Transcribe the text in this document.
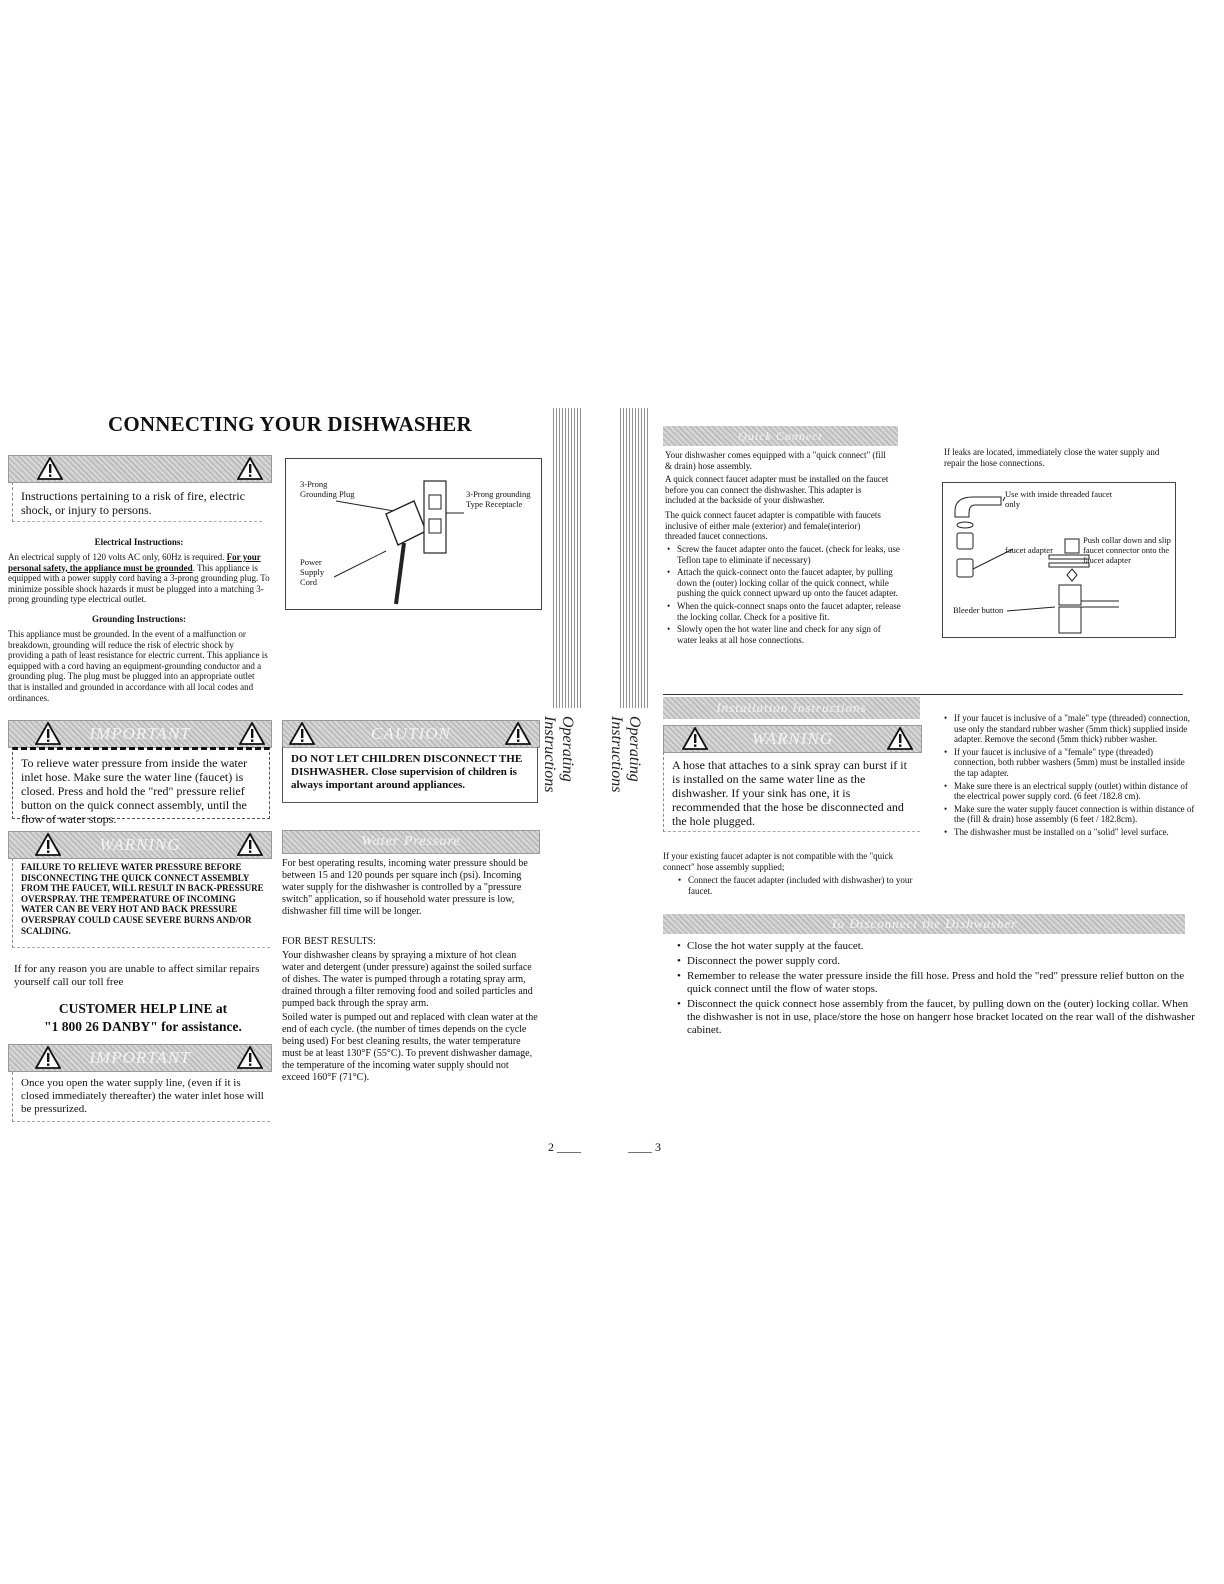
CONNECTING YOUR DISHWASHER
Instructions pertaining to a risk of fire, electric shock, or injury to persons.
Electrical Instructions:
An electrical supply of 120 volts AC only, 60Hz is required. For your personal safety, the appliance must be grounded. This appliance is equipped with a power supply cord having a 3-prong grounding plug. To minimize possible shock hazards it must be plugged into a matching 3-prong grounding type electrical outlet.
Grounding Instructions:
This appliance must be grounded. In the event of a malfunction or breakdown, grounding will reduce the risk of electric shock by providing a path of least resistance for electric current. This appliance is equipped with a cord having an equipment-grounding conductor and a grounding plug. The plug must be plugged into an appropriate outlet that is installed and grounded in accordance with all local codes and ordinances.
3-Prong Grounding Plug	3-Prong grounding Type Receptacle
Power Supply Cord
IMPORTANT
To relieve water pressure from inside the water inlet hose. Make sure the water line (faucet) is closed. Press and hold the "red" pressure relief button on the quick connect assembly, until the flow of water stops.
CAUTION
DO NOT LET CHILDREN DISCONNECT THE DISHWASHER. Close supervision of children is always important around appliances.
WARNING
FAILURE TO RELIEVE WATER PRESSURE BEFORE DISCONNECTING THE QUICK CONNECT ASSEMBLY FROM THE FAUCET, WILL RESULT IN BACK-PRESSURE OVERSPRAY. THE TEMPERATURE OF INCOMING WATER CAN BE VERY HOT AND BACK PRESSURE OVERSPRAY COULD CAUSE SEVERE BURNS AND/OR SCALDING.
If for any reason you are unable to affect similar repairs yourself call our toll free
CUSTOMER HELP LINE at
"1 800 26 DANBY" for assistance.
IMPORTANT
Once you open the water supply line, (even if it is closed immediately thereafter) the water inlet hose will be pressurized.
Water Pressure
For best operating results, incoming water pressure should be between 15 and 120 pounds per square inch (psi). Incoming water supply for the dishwasher is controlled by a "pressure switch" application, so if household water pressure is low, dishwasher fill time will be longer.
FOR BEST RESULTS:
Your dishwasher cleans by spraying a mixture of hot clean water and detergent (under pressure) against the soiled surface of dishes. The water is pumped through a rotating spray arm, drained through a filter removing food and soiled particles and pumped back through the spray arm.
Soiled water is pumped out and replaced with clean water at the end of each cycle. (the number of times depends on the cycle being used) For best cleaning results, the water temperature must be at least 130°F (55°C). To prevent dishwasher damage, the temperature of the incoming water supply should not exceed 160°F (71°C).
Operating Instructions
2 ____
Operating Instructions
Quick Connect
Your dishwasher comes equipped with a "quick connect" (fill & drain) hose assembly.
A quick connect faucet adapter must be installed on the faucet before you can connect the dishwasher. This adapter is included at the backside of your dishwasher.
The quick connect faucet adapter is compatible with faucets inclusive of either male (exterior) and female(interior) threaded faucet connections.
• Screw the faucet adapter onto the faucet. (check for leaks, use Teflon tape to eliminate if necessary)
• Attach the quick-connect onto the faucet adapter, by pulling down the (outer) locking collar of the quick connect, while pushing the quick connect upward up onto the faucet adapter.
• When the quick-connect snaps onto the faucet adapter, release the locking collar. Check for a positive fit.
• Slowly open the hot water line and check for any sign of water leaks at all hose connections.
If leaks are located, immediately close the water supply and repair the hose connections.
Use with inside threaded faucet only
faucet adapter
Push collar down and slip faucet connector onto the faucet adapter
Bleeder button
Installation Instructions
WARNING
A hose that attaches to a sink spray can burst if it is installed on the same water line as the dishwasher. If your sink has one, it is recommended that the hose be disconnected and the hole plugged.
• If your faucet is inclusive of a "male" type (threaded) connection, use only the standard rubber washer (5mm thick) supplied inside adapter. Remove the second (5mm thick) rubber washer.
• If your faucet is inclusive of a "female" type (threaded) connection, both rubber washers (5mm) must be installed inside the tap adapter.
• Make sure there is an electrical supply (outlet) within distance of the electrical power supply cord. (6 feet /182.8 cm).
• Make sure the water supply faucet connection is within distance of the (fill & drain) hose assembly (6 feet / 182.8cm).
• The dishwasher must be installed on a "solid" level surface.
If your existing faucet adapter is not compatible with the "quick connect" hose assembly supplied;
• Connect the faucet adapter (included with dishwasher) to your faucet.
To Disconnect the Dishwasher
• Close the hot water supply at the faucet.
• Disconnect the power supply cord.
• Remember to release the water pressure inside the fill hose. Press and hold the "red" pressure relief button on the quick connect until the flow of water stops.
• Disconnect the quick connect hose assembly from the faucet, by pulling down on the (outer) locking collar. When the dishwasher is not in use, place/store the hose on hangerr hose bracket located on the rear wall of the dishwasher cabinet.
____ 3
